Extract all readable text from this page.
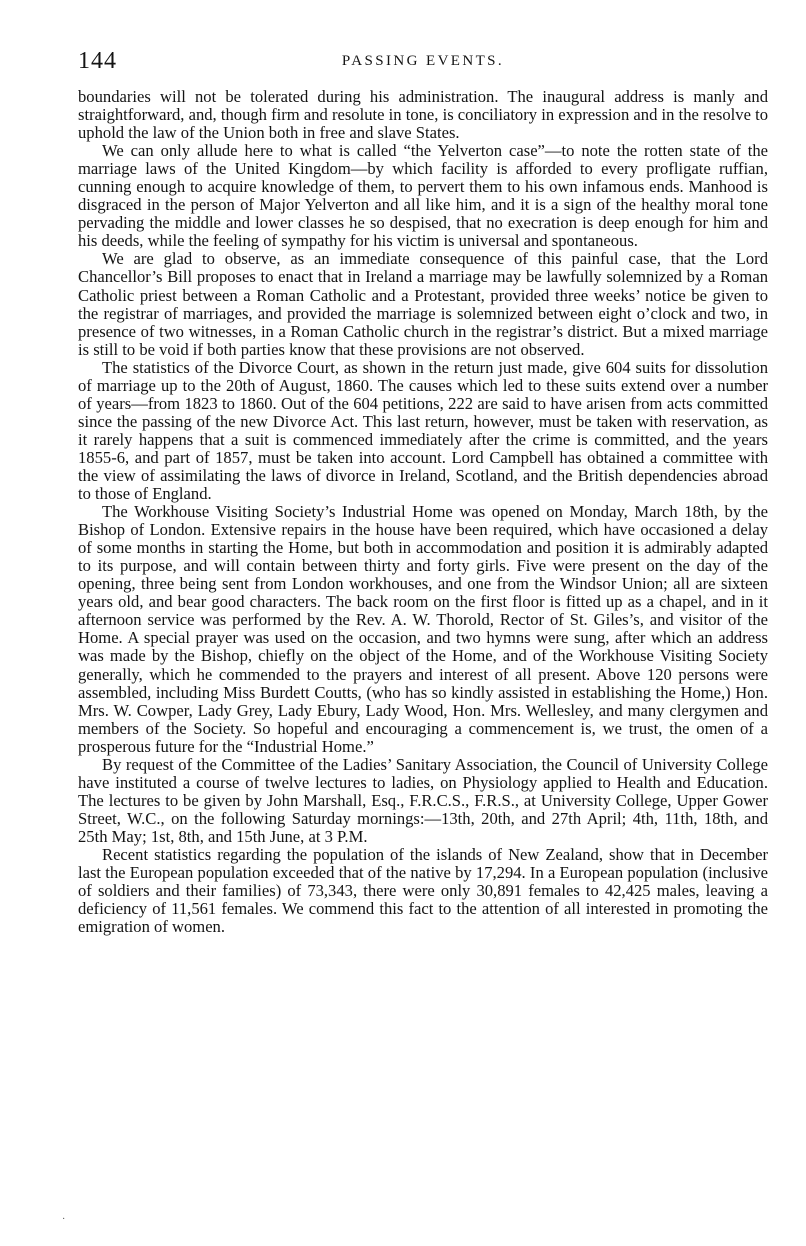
144	PASSING EVENTS.

boundaries will not be tolerated during his administration. The inaugural address is manly and straightforward, and, though firm and resolute in tone, is conciliatory in expression and in the resolve to uphold the law of the Union both in free and slave States.

We can only allude here to what is called “the Yelverton case”—to note the rotten state of the marriage laws of the United Kingdom—by which facility is afforded to every profligate ruffian, cunning enough to acquire knowledge of them, to pervert them to his own infamous ends. Manhood is disgraced in the person of Major Yelverton and all like him, and it is a sign of the healthy moral tone pervading the middle and lower classes he so despised, that no execration is deep enough for him and his deeds, while the feeling of sympathy for his victim is universal and spontaneous.

We are glad to observe, as an immediate consequence of this painful case, that the Lord Chancellor’s Bill proposes to enact that in Ireland a marriage may be lawfully solemnized by a Roman Catholic priest between a Roman Catholic and a Protestant, provided three weeks’ notice be given to the registrar of marriages, and provided the marriage is solemnized between eight o’clock and two, in presence of two witnesses, in a Roman Catholic church in the registrar’s district. But a mixed marriage is still to be void if both parties know that these provisions are not observed.

The statistics of the Divorce Court, as shown in the return just made, give 604 suits for dissolution of marriage up to the 20th of August, 1860. The causes which led to these suits extend over a number of years—from 1823 to 1860. Out of the 604 petitions, 222 are said to have arisen from acts committed since the passing of the new Divorce Act. This last return, however, must be taken with reservation, as it rarely happens that a suit is commenced immediately after the crime is committed, and the years 1855-6, and part of 1857, must be taken into account. Lord Campbell has obtained a committee with the view of assimilating the laws of divorce in Ireland, Scotland, and the British dependencies abroad to those of England.

The Workhouse Visiting Society’s Industrial Home was opened on Monday, March 18th, by the Bishop of London. Extensive repairs in the house have been required, which have occasioned a delay of some months in starting the Home, but both in accommodation and position it is admirably adapted to its purpose, and will contain between thirty and forty girls. Five were present on the day of the opening, three being sent from London workhouses, and one from the Windsor Union; all are sixteen years old, and bear good characters. The back room on the first floor is fitted up as a chapel, and in it afternoon service was performed by the Rev. A. W. Thorold, Rector of St. Giles’s, and visitor of the Home. A special prayer was used on the occasion, and two hymns were sung, after which an address was made by the Bishop, chiefly on the object of the Home, and of the Workhouse Visiting Society generally, which he commended to the prayers and interest of all present. Above 120 persons were assembled, including Miss Burdett Coutts, (who has so kindly assisted in establishing the Home,) Hon. Mrs. W. Cowper, Lady Grey, Lady Ebury, Lady Wood, Hon. Mrs. Wellesley, and many clergymen and members of the Society. So hopeful and encouraging a commencement is, we trust, the omen of a prosperous future for the “Industrial Home.”

By request of the Committee of the Ladies’ Sanitary Association, the Council of University College have instituted a course of twelve lectures to ladies, on Physiology applied to Health and Education. The lectures to be given by John Marshall, Esq., F.R.C.S., F.R.S., at University College, Upper Gower Street, W.C., on the following Saturday mornings:—13th, 20th, and 27th April; 4th, 11th, 18th, and 25th May; 1st, 8th, and 15th June, at 3 P.M.

Recent statistics regarding the population of the islands of New Zealand, show that in December last the European population exceeded that of the native by 17,294. In a European population (inclusive of soldiers and their families) of 73,343, there were only 30,891 females to 42,425 males, leaving a deficiency of 11,561 females. We commend this fact to the attention of all interested in promoting the emigration of women.

·
